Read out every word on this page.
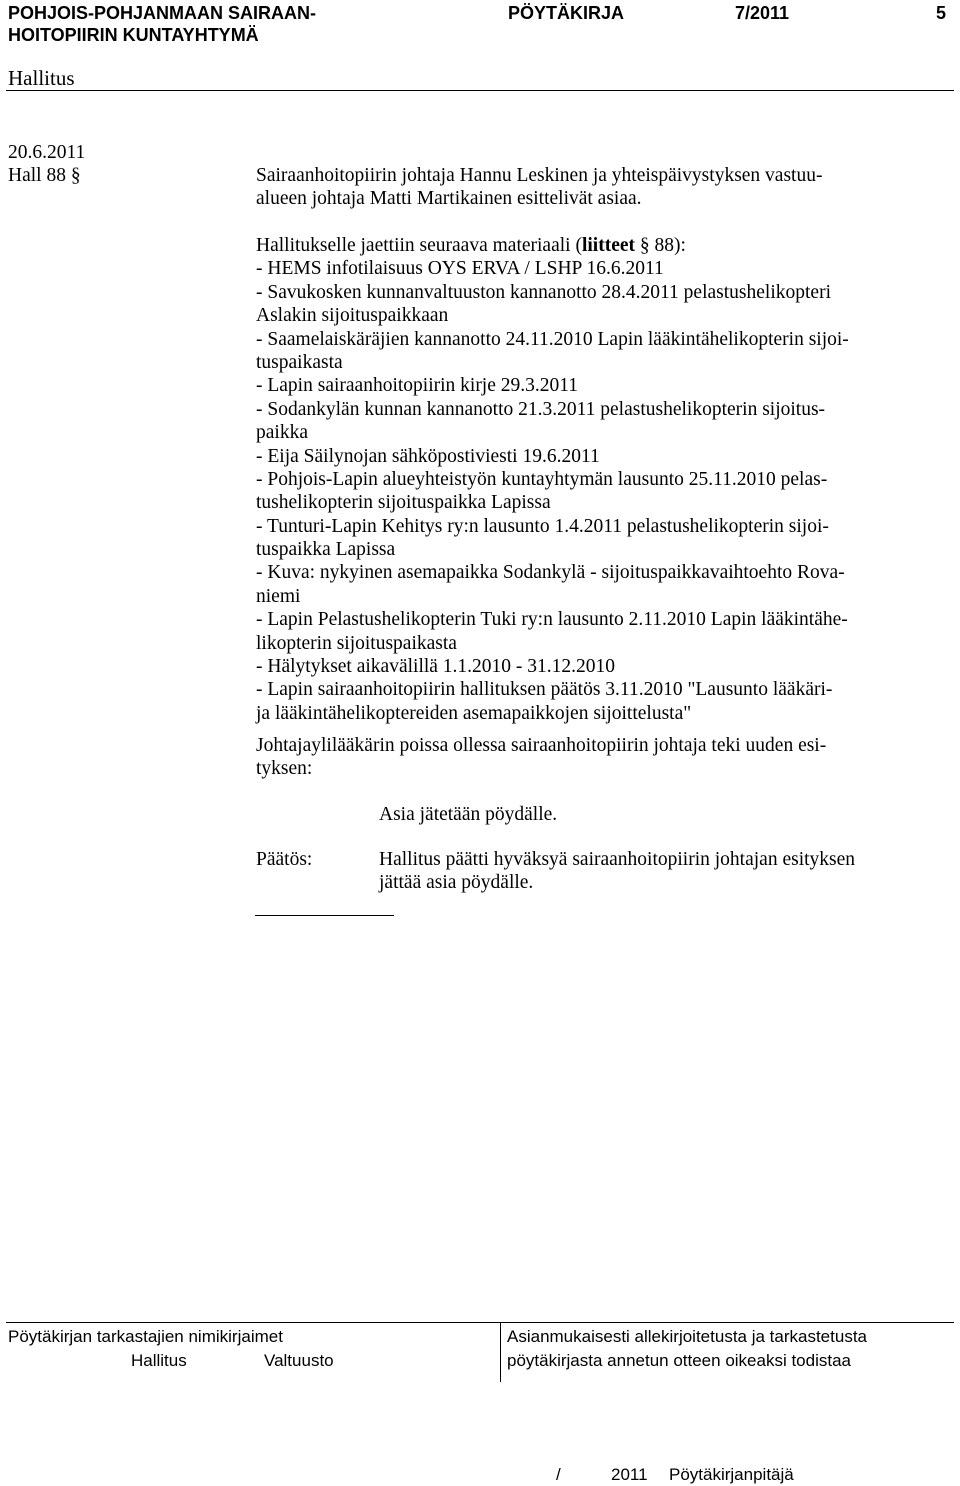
POHJOIS-POHJANMAAN SAIRAAN-
HOITOPIIRIN KUNTAYHTYMÄ
PÖYTÄKIRJA	7/2011	5
Hallitus
20.6.2011
Hall 88 §	Sairaanhoitopiirin johtaja Hannu Leskinen ja yhteispäivystyksen vastuu-
alueen johtaja Matti Martikainen esittelivät asiaa.
Hallitukselle jaettiin seuraava materiaali (liitteet § 88):
- HEMS infotilaisuus OYS ERVA / LSHP 16.6.2011
- Savukosken kunnanvaltuuston kannanotto 28.4.2011 pelastushelikopteri
Aslakin sijoituspaikkaan
- Saamelaiskäräjien kannanotto 24.11.2010 Lapin lääkintähelikopterin sijoi-
tuspaikasta
- Lapin sairaanhoitopiirin kirje 29.3.2011
- Sodankylän kunnan kannanotto 21.3.2011 pelastushelikopterin sijoitus-
paikka
- Eija Säilynojan sähköpostiviesti 19.6.2011
- Pohjois-Lapin alueyhteistyön kuntayhtymän lausunto 25.11.2010 pelas-
tushelikopterin sijoituspaikka Lapissa
- Tunturi-Lapin Kehitys ry:n lausunto 1.4.2011 pelastushelikopterin sijoi-
tuspaikka Lapissa
- Kuva: nykyinen asemapaikka Sodankylä - sijoituspaikkavaihtoehto Rova-
niemi
- Lapin Pelastushelikopterin Tuki ry:n lausunto 2.11.2010 Lapin lääkintähe-
likopterin sijoituspaikasta
- Hälytykset aikavälillä 1.1.2010 - 31.12.2010
- Lapin sairaanhoitopiirin hallituksen päätös 3.11.2010 "Lausunto lääkäri-
ja lääkintähelikoptereiden asemapaikkojen sijoittelusta"
Johtajaylilääkärin poissa ollessa sairaanhoitopiirin johtaja teki uuden esi-
tyksen:
Asia jätetään pöydälle.
Päätös:	Hallitus päätti hyväksyä sairaanhoitopiirin johtajan esityksen
jättää asia pöydälle.
Pöytäkirjan tarkastajien nimikirjaimet
Hallitus	Valtuusto
Asianmukaisesti allekirjoitetusta ja tarkastetusta
pöytäkirjasta annetun otteen oikeaksi todistaa
/	2011 Pöytäkirjanpitäjä
